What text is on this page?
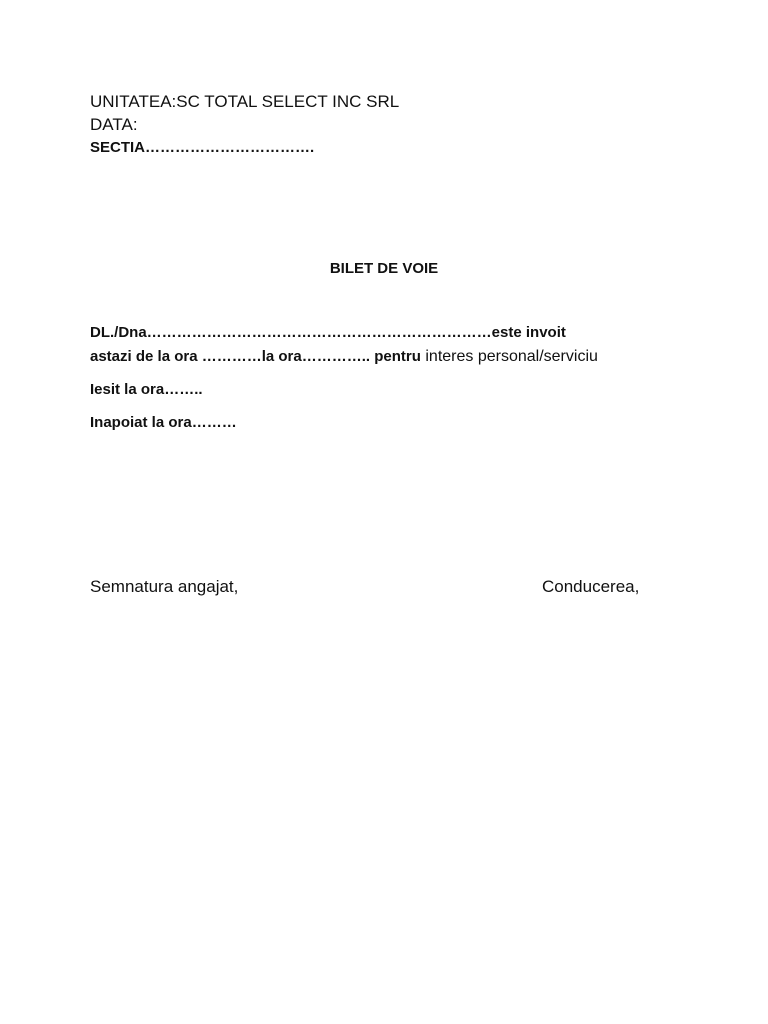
UNITATEA:SC TOTAL SELECT INC SRL
DATA:
SECTIA…………………………….
BILET DE VOIE
DL./Dna……………………………………………………………este invoit
astazi de la ora …………la ora………….. pentru interes personal/serviciu
Iesit la ora……..
Inapoiat la ora………
Semnatura angajat,	Conducerea,
